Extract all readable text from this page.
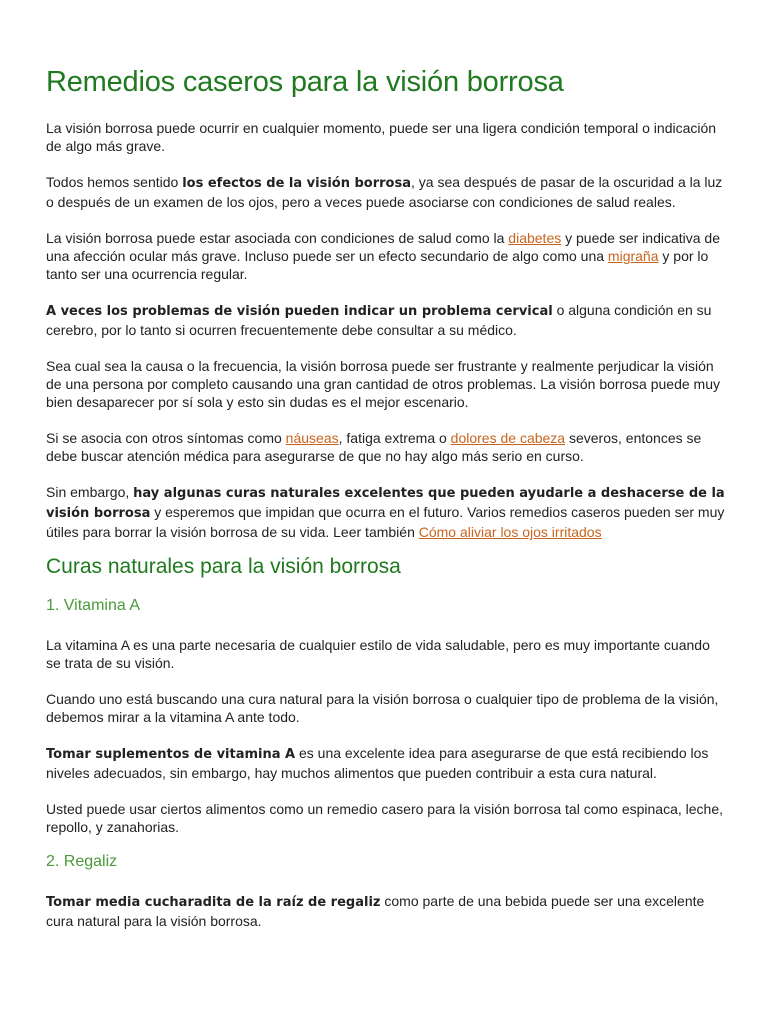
Remedios caseros para la visión borrosa

La visión borrosa puede ocurrir en cualquier momento, puede ser una ligera condición temporal o indicación de algo más grave.

Todos hemos sentido los efectos de la visión borrosa, ya sea después de pasar de la oscuridad a la luz o después de un examen de los ojos, pero a veces puede asociarse con condiciones de salud reales.

La visión borrosa puede estar asociada con condiciones de salud como la diabetes y puede ser indicativa de una afección ocular más grave. Incluso puede ser un efecto secundario de algo como una migraña y por lo tanto ser una ocurrencia regular.

A veces los problemas de visión pueden indicar un problema cervical o alguna condición en su cerebro, por lo tanto si ocurren frecuentemente debe consultar a su médico.

Sea cual sea la causa o la frecuencia, la visión borrosa puede ser frustrante y realmente perjudicar la visión de una persona por completo causando una gran cantidad de otros problemas. La visión borrosa puede muy bien desaparecer por sí sola y esto sin dudas es el mejor escenario.

Si se asocia con otros síntomas como náuseas, fatiga extrema o dolores de cabeza severos, entonces se debe buscar atención médica para asegurarse de que no hay algo más serio en curso.

Sin embargo, hay algunas curas naturales excelentes que pueden ayudarle a deshacerse de la visión borrosa y esperemos que impidan que ocurra en el futuro. Varios remedios caseros pueden ser muy útiles para borrar la visión borrosa de su vida. Leer también Cómo aliviar los ojos irritados

Curas naturales para la visión borrosa
1. Vitamina A

La vitamina A es una parte necesaria de cualquier estilo de vida saludable, pero es muy importante cuando se trata de su visión.

Cuando uno está buscando una cura natural para la visión borrosa o cualquier tipo de problema de la visión, debemos mirar a la vitamina A ante todo.

Tomar suplementos de vitamina A es una excelente idea para asegurarse de que está recibiendo los niveles adecuados, sin embargo, hay muchos alimentos que pueden contribuir a esta cura natural.

Usted puede usar ciertos alimentos como un remedio casero para la visión borrosa tal como espinaca, leche, repollo, y zanahorias.

2. Regaliz

Tomar media cucharadita de la raíz de regaliz como parte de una bebida puede ser una excelente cura natural para la visión borrosa.
